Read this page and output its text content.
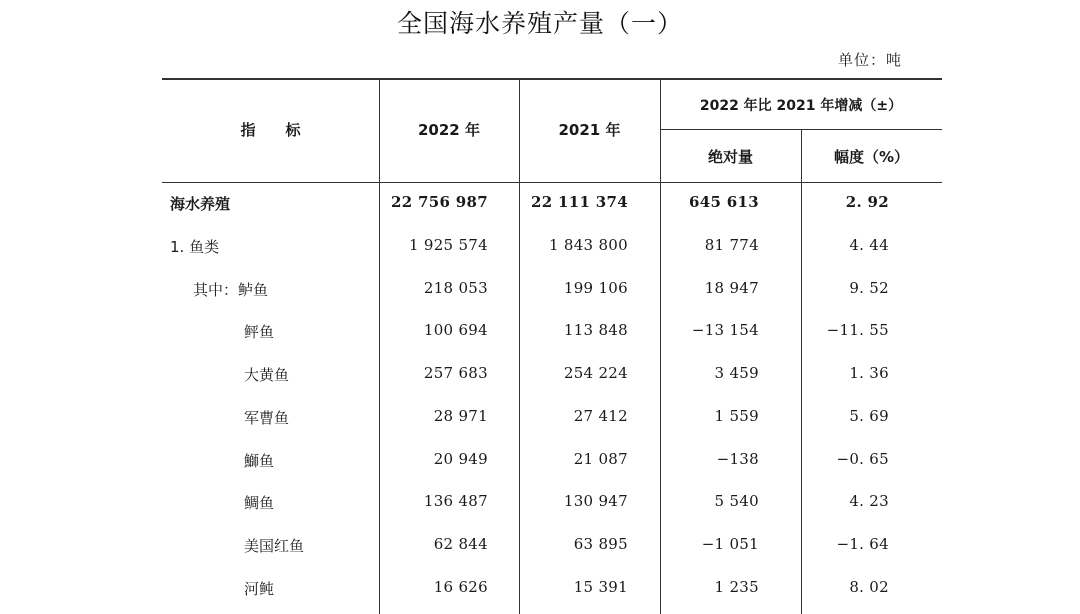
全国海水养殖产量（一）
单位：吨
指　　标	2022 年	2021 年
2022 年比 2021 年增减（±）
绝对量	幅度（%）
海水养殖	22 756 987	22 111 374	645 613	2. 92
1. 鱼类	1 925 574	1 843 800	81 774	4. 44
其中：鲈鱼	218 053	199 106	18 947	9. 52
鲆鱼	100 694	113 848	−13 154	−11. 55
大黄鱼	257 683	254 224	3 459	1. 36
军曹鱼	28 971	27 412	1 559	5. 69
鰤鱼	20 949	21 087	−138	−0. 65
鲷鱼	136 487	130 947	5 540	4. 23
美国红鱼	62 844	63 895	−1 051	−1. 64
河鲀	16 626	15 391	1 235	8. 02
